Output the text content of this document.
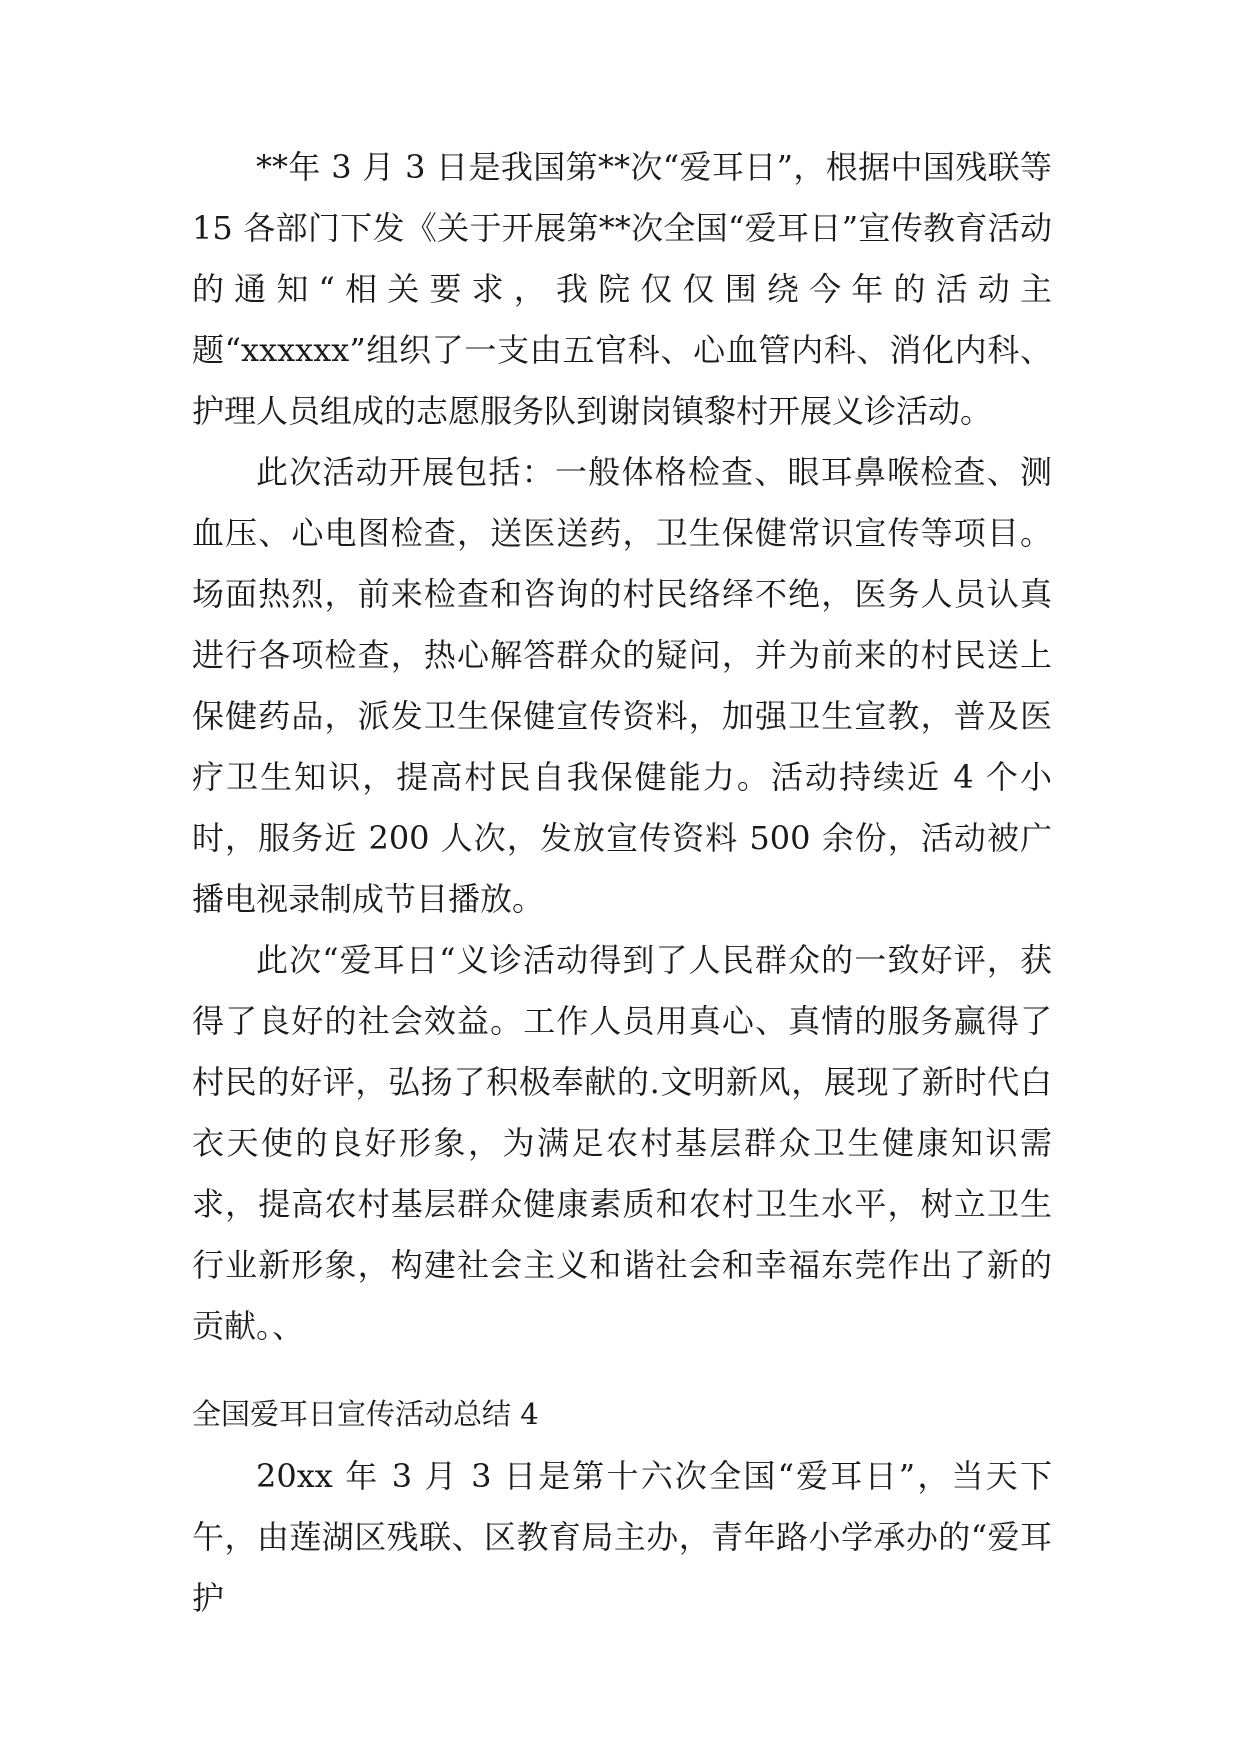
**年 3 月 3 日是我国第**次“爱耳日”，根据中国残联等 15 各部门下发《关于开展第**次全国“爱耳日”宣传教育活动的通知“相关要求，我院仅仅围绕今年的活动主题“xxxxxx”组织了一支由五官科、心血管内科、消化内科、护理人员组成的志愿服务队到谢岗镇黎村开展义诊活动。

此次活动开展包括：一般体格检查、眼耳鼻喉检查、测血压、心电图检查，送医送药，卫生保健常识宣传等项目。场面热烈，前来检查和咨询的村民络绎不绝，医务人员认真进行各项检查，热心解答群众的疑问，并为前来的村民送上保健药品，派发卫生保健宣传资料，加强卫生宣教，普及医疗卫生知识，提高村民自我保健能力。活动持续近 4 个小时，服务近 200 人次，发放宣传资料 500 余份，活动被广播电视录制成节目播放。

此次“爱耳日“义诊活动得到了人民群众的一致好评，获得了良好的社会效益。工作人员用真心、真情的服务赢得了村民的好评，弘扬了积极奉献的.文明新风，展现了新时代白衣天使的良好形象，为满足农村基层群众卫生健康知识需求，提高农村基层群众健康素质和农村卫生水平，树立卫生行业新形象，构建社会主义和谐社会和幸福东莞作出了新的贡献。、

全国爱耳日宣传活动总结 4

20xx 年 3 月 3 日是第十六次全国“爱耳日”，当天下午，由莲湖区残联、区教育局主办，青年路小学承办的“爱耳护
